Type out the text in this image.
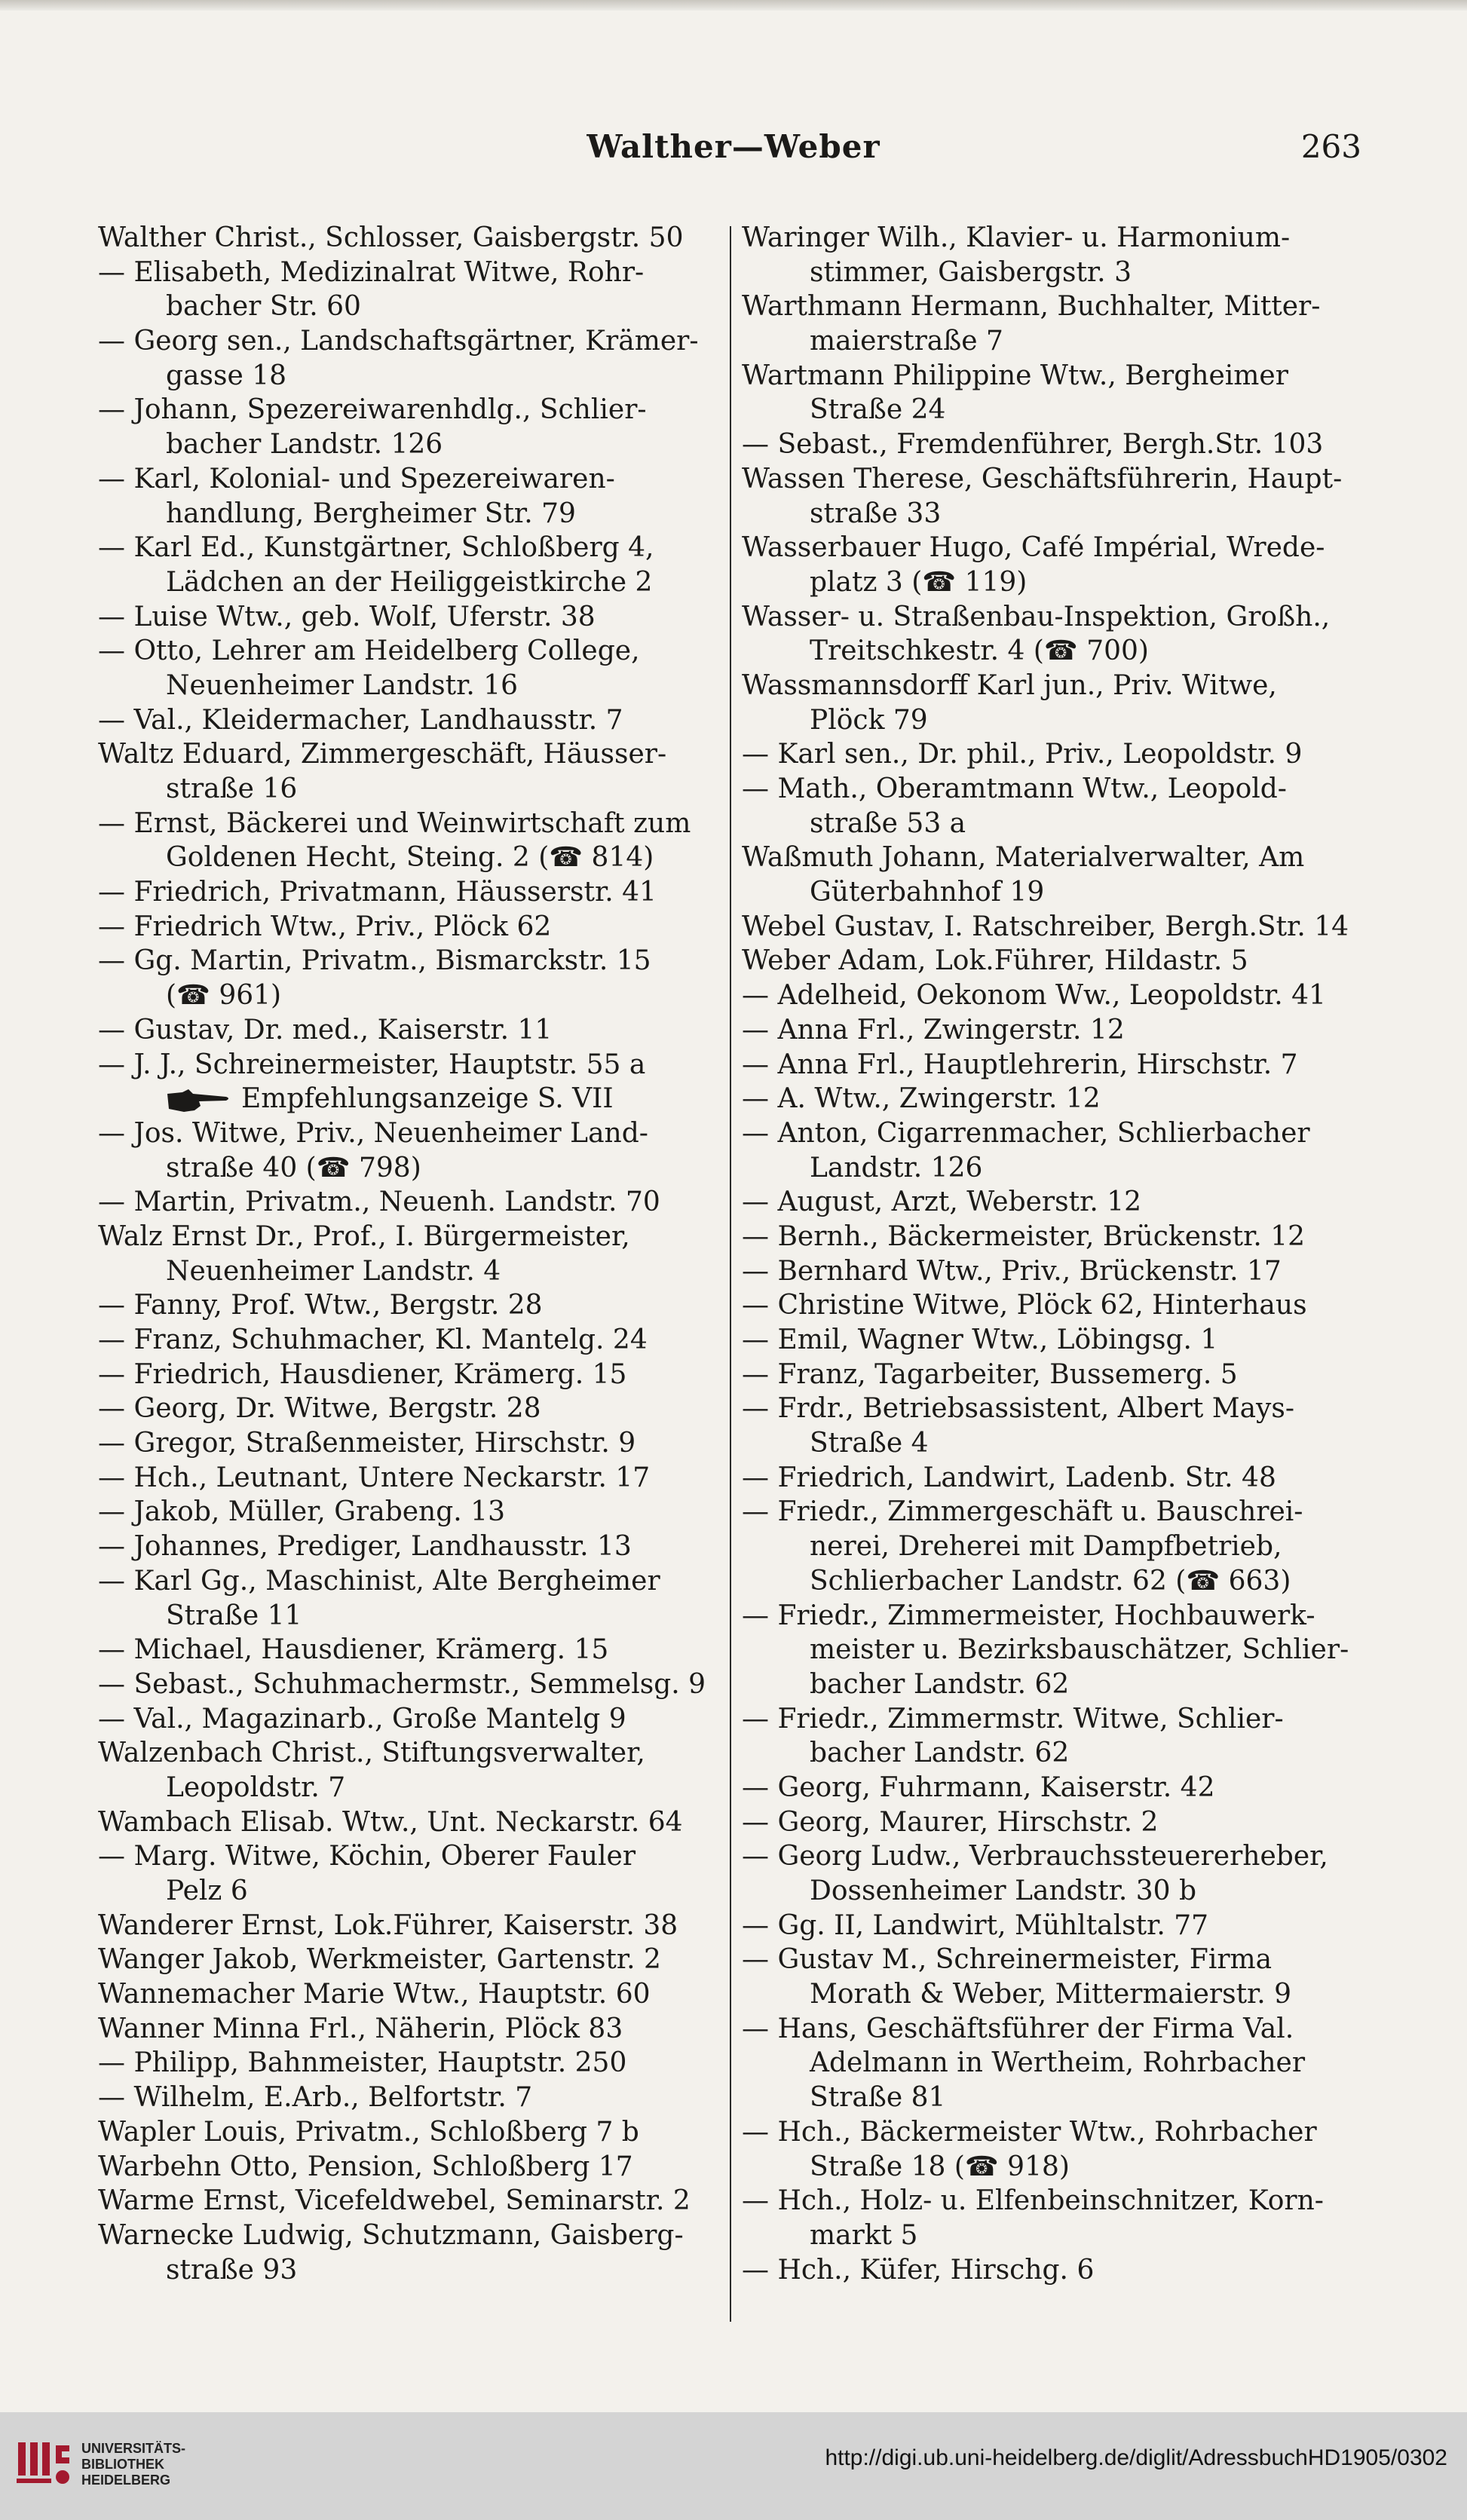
Walther—Weber	263
Walther Christ., Schlosser, Gaisbergstr. 50
— Elisabeth, Medizinalrat Witwe, Rohr-
bacher Str. 60
— Georg sen., Landschaftsgärtner, Krämer-
gasse 18
— Johann, Spezereiwarenhdlg., Schlier-
bacher Landstr. 126
— Karl, Kolonial- und Spezereiwaren-
handlung, Bergheimer Str. 79
— Karl Ed., Kunstgärtner, Schloßberg 4,
Lädchen an der Heiliggeistkirche 2
— Luise Wtw., geb. Wolf, Uferstr. 38
— Otto, Lehrer am Heidelberg College,
Neuenheimer Landstr. 16
— Val., Kleidermacher, Landhausstr. 7
Waltz Eduard, Zimmergeschäft, Häusser-
straße 16
— Ernst, Bäckerei und Weinwirtschaft zum
Goldenen Hecht, Steing. 2 (☎ 814)
— Friedrich, Privatmann, Häusserstr. 41
— Friedrich Wtw., Priv., Plöck 62
— Gg. Martin, Privatm., Bismarckstr. 15
(☎ 961)
— Gustav, Dr. med., Kaiserstr. 11
— J. J., Schreinermeister, Hauptstr. 55 a
Empfehlungsanzeige S. VII
— Jos. Witwe, Priv., Neuenheimer Land-
straße 40 (☎ 798)
— Martin, Privatm., Neuenh. Landstr. 70
Walz Ernst Dr., Prof., I. Bürgermeister,
Neuenheimer Landstr. 4
— Fanny, Prof. Wtw., Bergstr. 28
— Franz, Schuhmacher, Kl. Mantelg. 24
— Friedrich, Hausdiener, Krämerg. 15
— Georg, Dr. Witwe, Bergstr. 28
— Gregor, Straßenmeister, Hirschstr. 9
— Hch., Leutnant, Untere Neckarstr. 17
— Jakob, Müller, Grabeng. 13
— Johannes, Prediger, Landhausstr. 13
— Karl Gg., Maschinist, Alte Bergheimer
Straße 11
— Michael, Hausdiener, Krämerg. 15
— Sebast., Schuhmachermstr., Semmelsg. 9
— Val., Magazinarb., Große Mantelg 9
Walzenbach Christ., Stiftungsverwalter,
Leopoldstr. 7
Wambach Elisab. Wtw., Unt. Neckarstr. 64
— Marg. Witwe, Köchin, Oberer Fauler
Pelz 6
Wanderer Ernst, Lok.Führer, Kaiserstr. 38
Wanger Jakob, Werkmeister, Gartenstr. 2
Wannemacher Marie Wtw., Hauptstr. 60
Wanner Minna Frl., Näherin, Plöck 83
— Philipp, Bahnmeister, Hauptstr. 250
— Wilhelm, E.Arb., Belfortstr. 7
Wapler Louis, Privatm., Schloßberg 7 b
Warbehn Otto, Pension, Schloßberg 17
Warme Ernst, Vicefeldwebel, Seminarstr. 2
Warnecke Ludwig, Schutzmann, Gaisberg-
straße 93
Waringer Wilh., Klavier- u. Harmonium-
stimmer, Gaisbergstr. 3
Warthmann Hermann, Buchhalter, Mitter-
maierstraße 7
Wartmann Philippine Wtw., Bergheimer
Straße 24
— Sebast., Fremdenführer, Bergh.Str. 103
Wassen Therese, Geschäftsführerin, Haupt-
straße 33
Wasserbauer Hugo, Café Impérial, Wrede-
platz 3 (☎ 119)
Wasser- u. Straßenbau-Inspektion, Großh.,
Treitschkestr. 4 (☎ 700)
Wassmannsdorff Karl jun., Priv. Witwe,
Plöck 79
— Karl sen., Dr. phil., Priv., Leopoldstr. 9
— Math., Oberamtmann Wtw., Leopold-
straße 53 a
Waßmuth Johann, Materialverwalter, Am
Güterbahnhof 19
Webel Gustav, I. Ratschreiber, Bergh.Str. 14
Weber Adam, Lok.Führer, Hildastr. 5
— Adelheid, Oekonom Ww., Leopoldstr. 41
— Anna Frl., Zwingerstr. 12
— Anna Frl., Hauptlehrerin, Hirschstr. 7
— A. Wtw., Zwingerstr. 12
— Anton, Cigarrenmacher, Schlierbacher
Landstr. 126
— August, Arzt, Weberstr. 12
— Bernh., Bäckermeister, Brückenstr. 12
— Bernhard Wtw., Priv., Brückenstr. 17
— Christine Witwe, Plöck 62, Hinterhaus
— Emil, Wagner Wtw., Löbingsg. 1
— Franz, Tagarbeiter, Bussemerg. 5
— Frdr., Betriebsassistent, Albert Mays-
Straße 4
— Friedrich, Landwirt, Ladenb. Str. 48
— Friedr., Zimmergeschäft u. Bauschrei-
nerei, Dreherei mit Dampfbetrieb,
Schlierbacher Landstr. 62 (☎ 663)
— Friedr., Zimmermeister, Hochbauwerk-
meister u. Bezirksbauschätzer, Schlier-
bacher Landstr. 62
— Friedr., Zimmermstr. Witwe, Schlier-
bacher Landstr. 62
— Georg, Fuhrmann, Kaiserstr. 42
— Georg, Maurer, Hirschstr. 2
— Georg Ludw., Verbrauchssteuererheber,
Dossenheimer Landstr. 30 b
— Gg. II, Landwirt, Mühltalstr. 77
— Gustav M., Schreinermeister, Firma
Morath & Weber, Mittermaierstr. 9
— Hans, Geschäftsführer der Firma Val.
Adelmann in Wertheim, Rohrbacher
Straße 81
— Hch., Bäckermeister Wtw., Rohrbacher
Straße 18 (☎ 918)
— Hch., Holz- u. Elfenbeinschnitzer, Korn-
markt 5
— Hch., Küfer, Hirschg. 6
UNIVERSITÄTS-
BIBLIOTHEK
HEIDELBERG
http://digi.ub.uni-heidelberg.de/diglit/AdressbuchHD1905/0302
